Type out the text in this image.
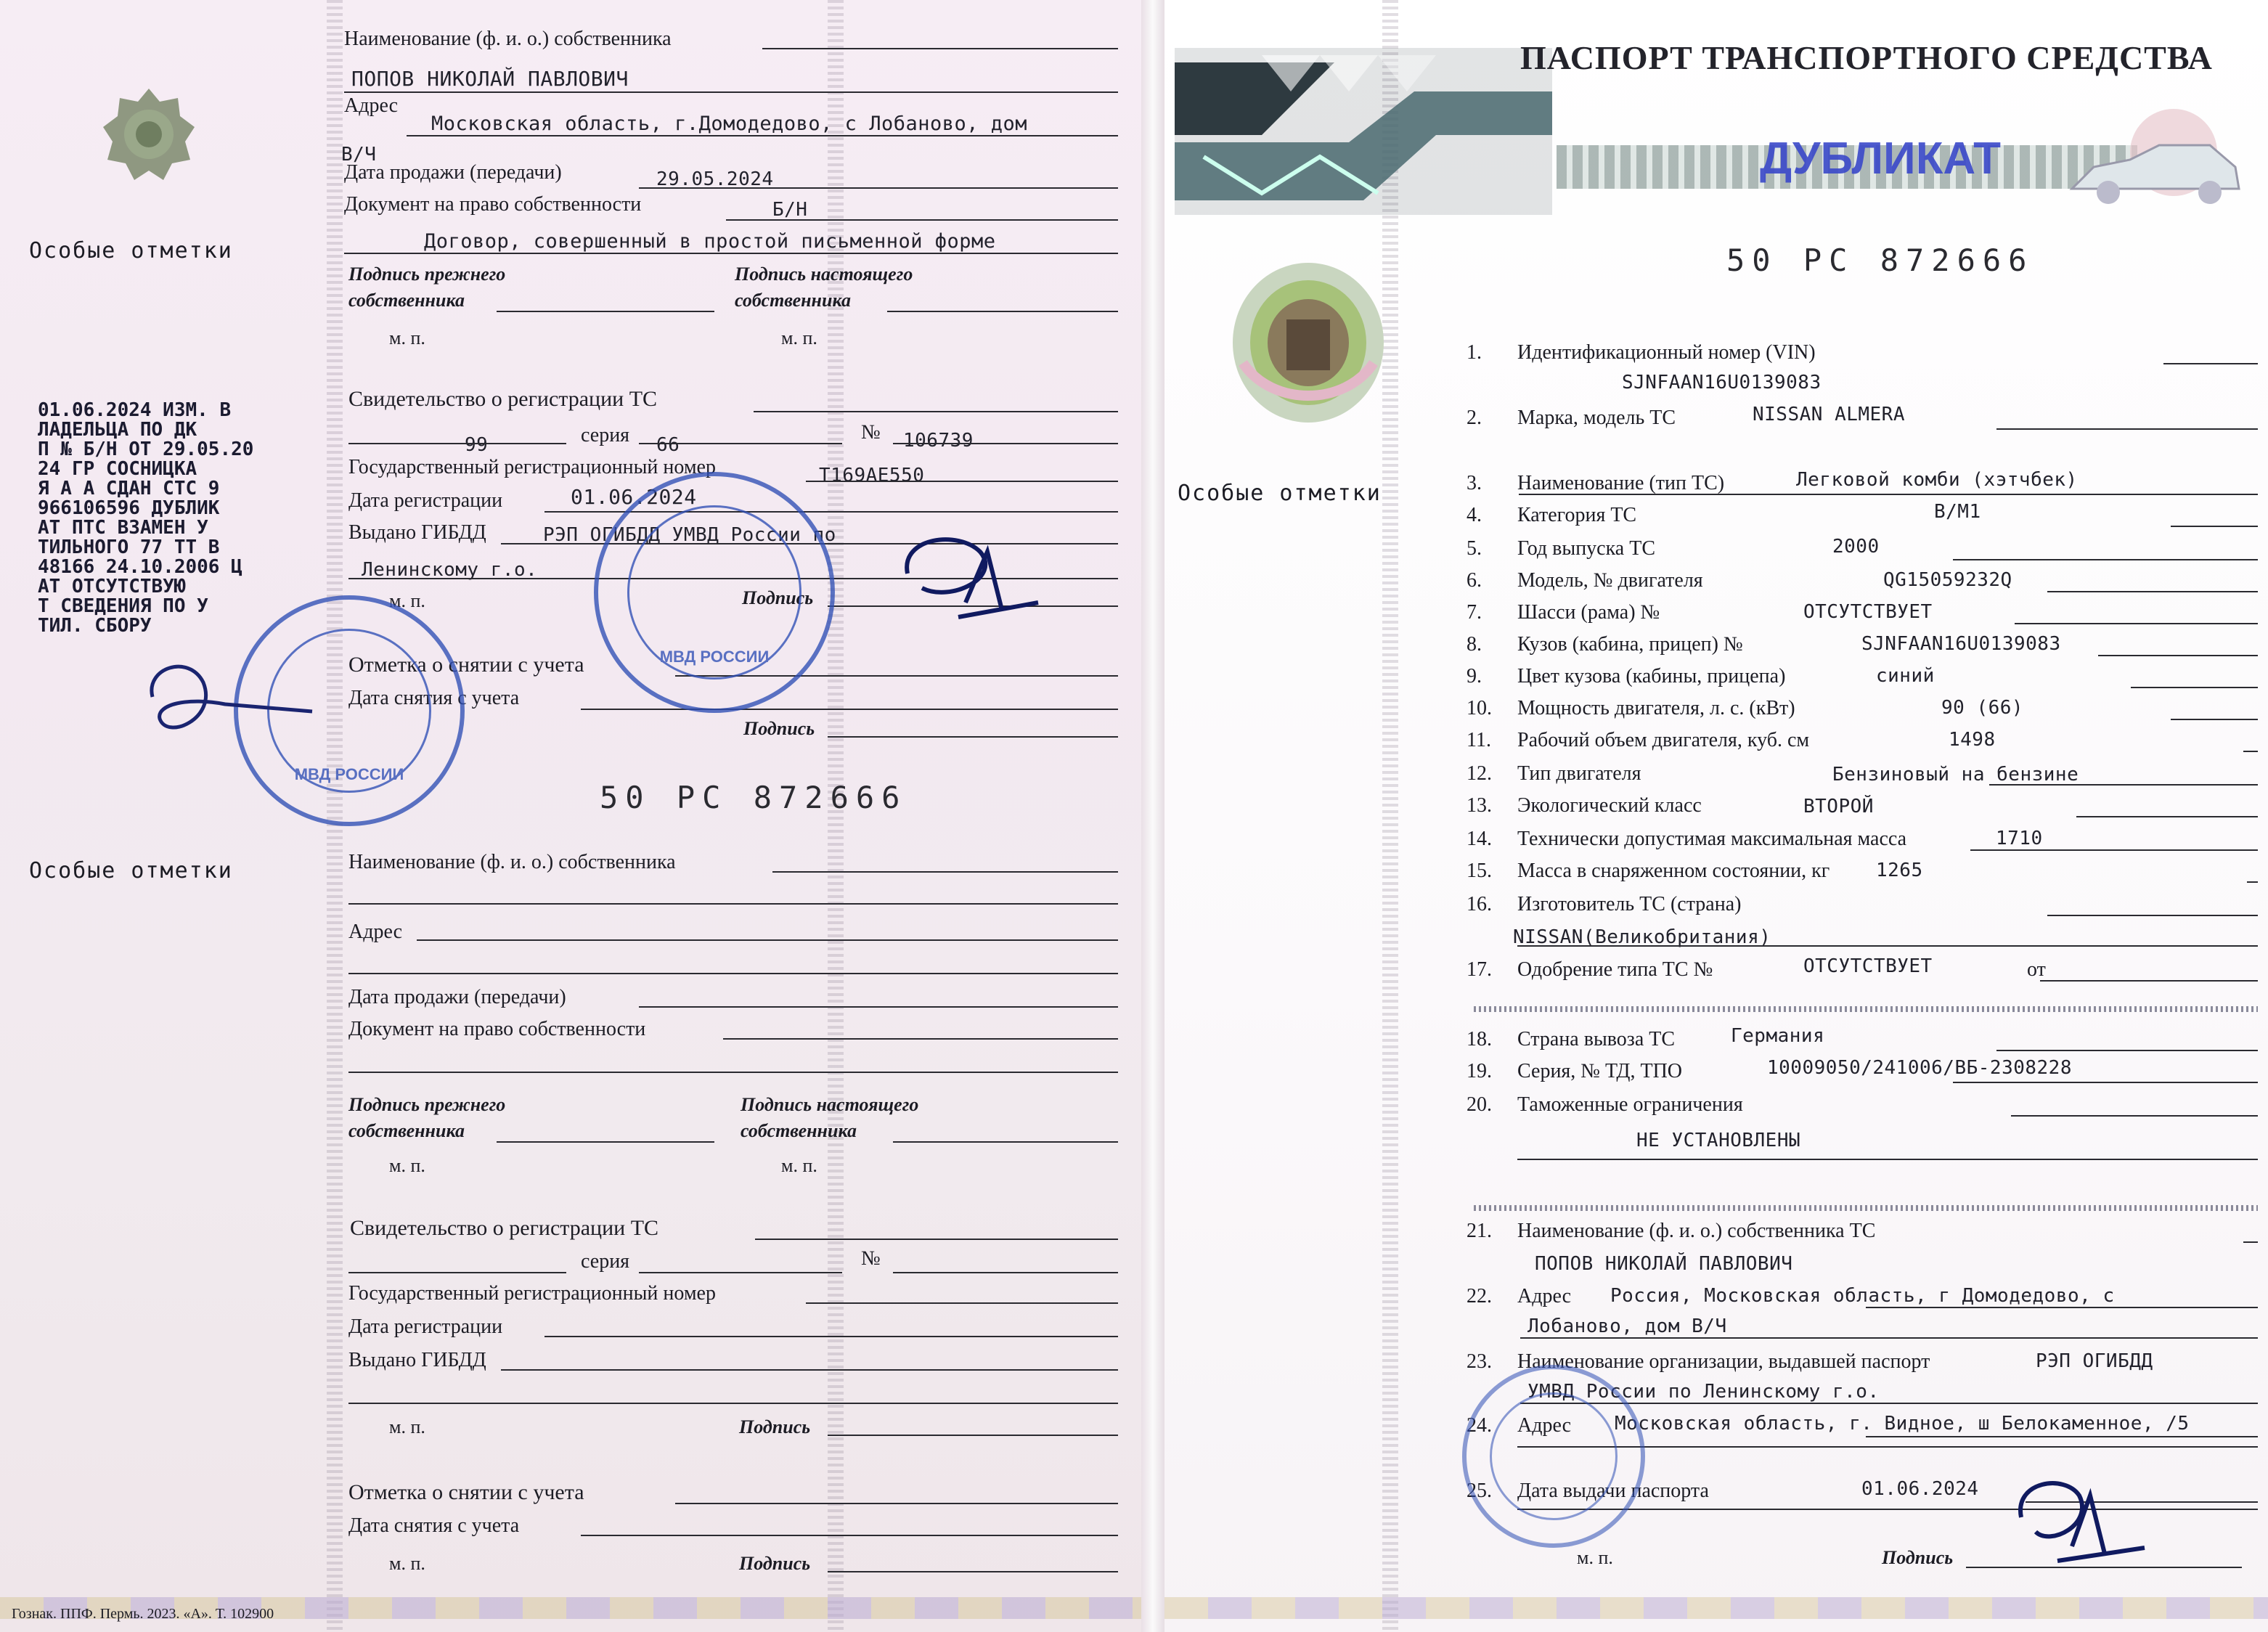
Особые отметки
01.06.2024 ИЗМ. В
ЛАДЕЛЬЦА ПО ДК
П № Б/Н ОТ 29.05.20
24 ГР СОСНИЦКА
Я А А СДАН СТС 9
966106596 ДУБЛИК
АТ ПТС ВЗАМЕН У
ТИЛЬНОГО 77 ТТ В
48166 24.10.2006 Ц
АТ ОТСУТСТВУЮ
Т СВЕДЕНИЯ ПО У
ТИЛ. СБОРУ
Наименование (ф. и. о.) собственника
ПОПОВ НИКОЛАЙ ПАВЛОВИЧ
Адрес
Московская область, г.Домодедово, с Лобаново, дом
В/Ч
Дата продажи (передачи)	29.05.2024
Документ на право собственности	Б/Н
Договор, совершенный в простой письменной форме
Подпись прежнего
собственника
Подпись настоящего
собственника
м. п.	м. п.
Свидетельство о регистрации ТС
99	серия 66
№ 106739
Государственный регистрационный номер	Т169АЕ550
Дата регистрации	01.06.2024
Выдано ГИБДД	РЭП ОГИБДД УМВД России по
Ленинскому г.о.
м. п.	Подпись
Отметка о снятии с учета
Дата снятия с учета
Подпись
50 РС 872666
Особые отметки	Наименование (ф. и. о.) собственника
Адрес
Дата продажи (передачи)
Документ на право собственности
Подпись прежнего
собственника
Подпись настоящего
собственника
м. п.	м. п.
Свидетельство о регистрации ТС
серия	№
Государственный регистрационный номер
Дата регистрации
Выдано ГИБДД
м. п.	Подпись
Отметка о снятии с учета
Дата снятия с учета
м. п.	Подпись
Гознак. ППФ. Пермь. 2023. «А». Т. 102900
МВД РОССИИ
МВД РОССИИ
ПАСПОРТ ТРАНСПОРТНОГО СРЕДСТВА
ДУБЛИКАТ
50 РС 872666
Особые отметки
1. Идентификационный номер (VIN)
SJNFAAN16U0139083
2. Марка, модель ТС	NISSAN ALMERA
3. Наименование (тип ТС)	Легковой комби (хэтчбек)
4. Категория ТС	В/М1
5. Год выпуска ТС	2000
6. Модель, № двигателя	QG15059232Q
7. Шасси (рама) №	ОТСУТСТВУЕТ
8. Кузов (кабина, прицеп) №	SJNFAAN16U0139083
9. Цвет кузова (кабины, прицепа)	синий
10. Мощность двигателя, л. с. (кВт)	90 (66)
11. Рабочий объем двигателя, куб. см	1498
12. Тип двигателя	Бензиновый на бензине
13. Экологический класс	ВТОРОЙ
14. Технически допустимая максимальная масса	1710
15. Масса в снаряженном состоянии, кг 1265
16. Изготовитель ТС (страна)
NISSAN(Великобритания)
17. Одобрение типа ТС №	ОТСУТСТВУЕТ	от
18. Страна вывоза ТС	Германия
19. Серия, № ТД, ТПО	10009050/241006/ВБ-2308228
20. Таможенные ограничения
НЕ УСТАНОВЛЕНЫ
21. Наименование (ф. и. о.) собственника ТС
ПОПОВ НИКОЛАЙ ПАВЛОВИЧ
22. Адрес Россия, Московская область, г Домодедово, с
Лобаново, дом В/Ч
23. Наименование организации, выдавшей паспорт	РЭП ОГИБДД
УМВД России по Ленинскому г.о.
24. Адрес Московская область, г. Видное, ш Белокаменное, /5
25. Дата выдачи паспорта	01.06.2024
м. п.	Подпись
